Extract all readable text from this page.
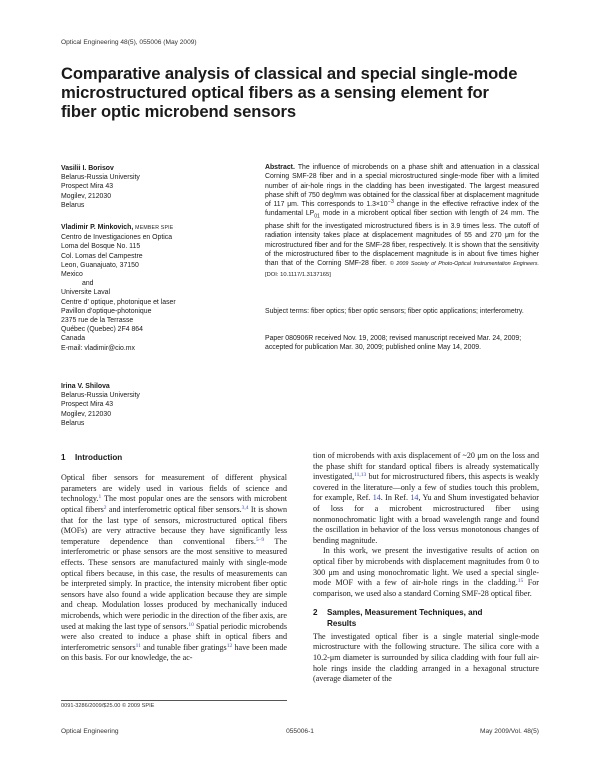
Optical Engineering 48(5), 055006 (May 2009)
Comparative analysis of classical and special single-mode microstructured optical fibers as a sensing element for fiber optic microbend sensors
Vasilii I. Borisov
Belarus-Russia University
Prospect Mira 43
Mogilev, 212030
Belarus
Vladimir P. Minkovich, MEMBER SPIE
Centro de Investigaciones en Optica
Loma del Bosque No. 115
Col. Lomas del Campestre
Leon, Guanajuato, 37150
Mexico
and
Universite Laval
Centre d’ optique, photonique et laser
Pavillon d’optique-photonique
2375 rue de la Terrasse
Québec (Quebec) 2F4 864
Canada
E-mail: vladimir@cio.mx
Irina V. Shilova
Belarus-Russia University
Prospect Mira 43
Mogilev, 212030
Belarus

Abstract. The influence of microbends on a phase shift and attenuation in a classical Corning SMF-28 fiber and in a special microstructured single-mode fiber with a limited number of air-hole rings in the cladding has been investigated. The largest measured phase shift of 750 deg/mm was obtained for the classical fiber at displacement magnitude of 117 μm. This corresponds to $1.3\times 10^{-3}$ change in the effective refractive index of the fundamental $LP_{01}$ mode in a microbent optical fiber section with length of 24 mm. The phase shift for the investigated microstructured fibers is in 3.9 times less. The cutoff of radiation intensity takes place at displacement magnitudes of 55 and 270 μm for the microstructured fiber and for the SMF-28 fiber, respectively. It is shown that the sensitivity of the microstructured fiber to the displacement magnitude is in about five times higher than that of the Corning SMF-28 fiber. © 2009 Society of Photo-Optical Instrumentation Engineers. [DOI: 10.1117/1.3137165]

Subject terms: fiber optics; fiber optic sensors; fiber optic applications; interferometry.

Paper 080906R received Nov. 19, 2008; revised manuscript received Mar. 24, 2009; accepted for publication Mar. 30, 2009; published online May 14, 2009.

1 Introduction

Optical fiber sensors for measurement of different physical parameters are widely used in various fields of science and technology.$^1$ The most popular ones are the sensors with microbent optical fibers$^2$ and interferometric optical fiber sensors.$^{3,4}$ It is shown that for the last type of sensors, microstructured optical fibers (MOFs) are very attractive because they have significantly less temperature dependence than conventional fibers.$^{5-9}$ The interferometric or phase sensors are the most sensitive to measured effects. These sensors are manufactured mainly with single-mode optical fibers because, in this case, the results of measurements can be interpreted simply. In practice, the intensity microbent fiber optic sensors have also found a wide application because they are simple and cheap. Modulation losses produced by mechanically induced microbends, which were periodic in the direction of the fiber axis, are used at making the last type of sensors.$^{10}$ Spatial periodic microbends were also created to induce a phase shift in optical fibers and interferometric sensors$^{11}$ and tunable fiber gratings$^{12}$ have been made on this basis. For our knowledge, the ac-

tion of microbends with axis displacement of ~20 μm on the loss and the phase shift for standard optical fibers is already systematically investigated,$^{11,13}$ but for microstructured fibers, this aspects is weakly covered in the literature—only a few of studies touch this problem, for example, Ref. 14. In Ref. 14, Yu and Shum investigated behavior of loss for a microbent microstructured fiber using nonmonochromatic light with a broad wavelength range and found the oscillation in behavior of the loss versus monotonous changes of bending magnitude.

In this work, we present the investigative results of action on optical fiber by microbends with displacement magnitudes from 0 to 300 μm and using monochromatic light. We used a special single-mode MOF with a few of air-hole rings in the cladding.$^{15}$ For comparison, we used also a standard Corning SMF-28 optical fiber.

2 Samples, Measurement Techniques, and
Results

The investigated optical fiber is a single material single-mode microstructure with the following structure. The silica core with a 10.2-μm diameter is surrounded by silica cladding with four full air-hole rings inside the cladding arranged in a hexagonal structure (average diameter of the

0091-3286/2009/$25.00 © 2009 SPIE
Optical Engineering	055006-1	May 2009/Vol. 48(5)
